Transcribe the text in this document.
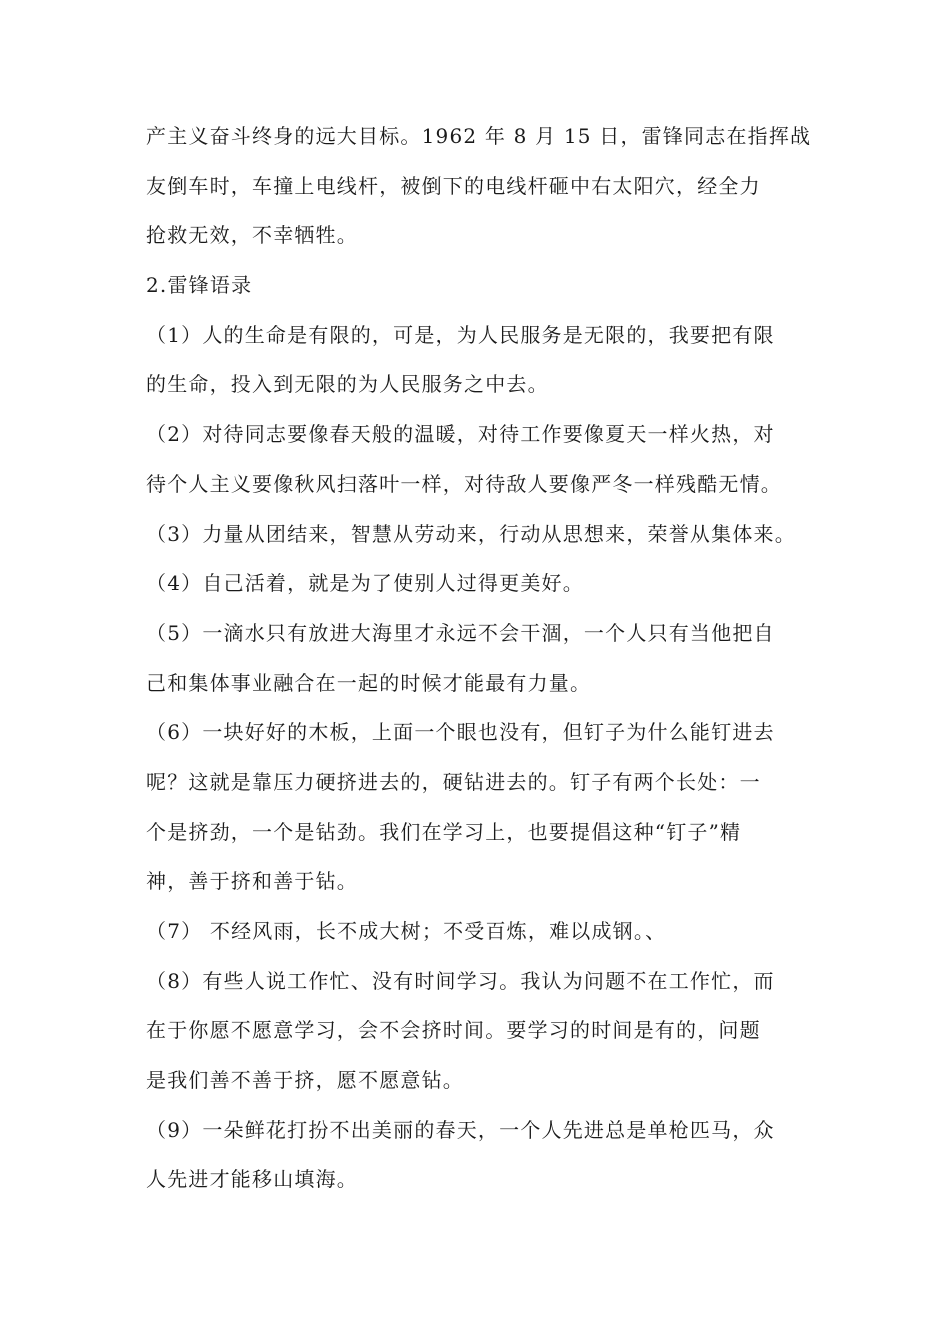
产主义奋斗终身的远大目标。1962 年 8 月 15 日，雷锋同志在指挥战
友倒车时，车撞上电线杆，被倒下的电线杆砸中右太阳穴，经全力
抢救无效，不幸牺牲。
2.雷锋语录
（1）人的生命是有限的，可是，为人民服务是无限的，我要把有限
的生命，投入到无限的为人民服务之中去。
（2）对待同志要像春天般的温暖，对待工作要像夏天一样火热，对
待个人主义要像秋风扫落叶一样，对待敌人要像严冬一样残酷无情。
（3）力量从团结来，智慧从劳动来，行动从思想来，荣誉从集体来。
（4）自己活着，就是为了使别人过得更美好。
（5）一滴水只有放进大海里才永远不会干涸，一个人只有当他把自
己和集体事业融合在一起的时候才能最有力量。
（6）一块好好的木板，上面一个眼也没有，但钉子为什么能钉进去
呢？这就是靠压力硬挤进去的，硬钻进去的。钉子有两个长处：一
个是挤劲，一个是钻劲。我们在学习上，也要提倡这种“钉子”精
神，善于挤和善于钻。
（7） 不经风雨，长不成大树；不受百炼，难以成钢。、
（8）有些人说工作忙、没有时间学习。我认为问题不在工作忙，而
在于你愿不愿意学习，会不会挤时间。要学习的时间是有的，问题
是我们善不善于挤，愿不愿意钻。
（9）一朵鲜花打扮不出美丽的春天，一个人先进总是单枪匹马，众
人先进才能移山填海。
